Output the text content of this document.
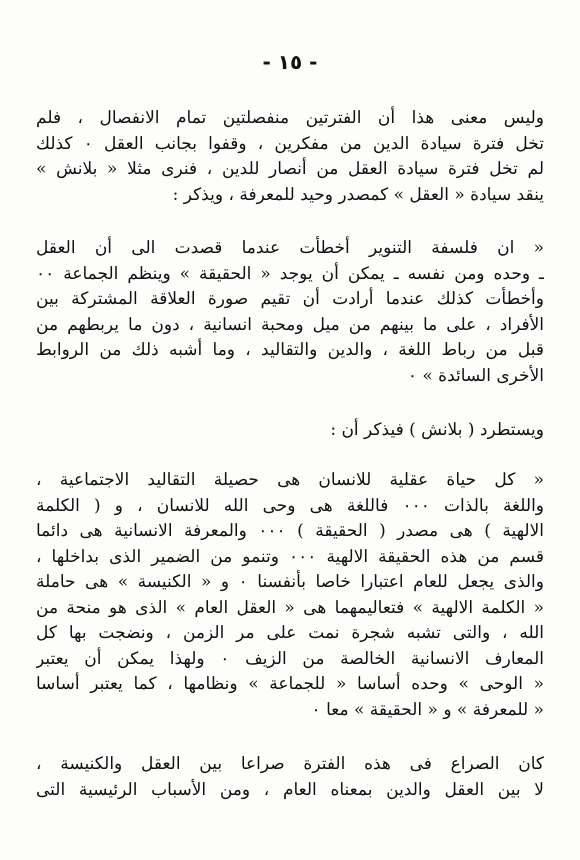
- ١٥ -
وليس معنى هذا أن الفترتين منفصلتين تمام الانفصال ، فلم
تخل فترة سيادة الدين من مفكرين ، وقفوا بجانب العقل ٠ كذلك
لم تخل فترة سيادة العقل من أنصار للدين ، فنرى مثلا « بلانش »
ينقد سيادة « العقل » كمصدر وحيد للمعرفة ، ويذكر :
« ان فلسفة التنوير أخطأت عندما قصدت الى أن العقل
ـ وحده ومن نفسه ـ يمكن أن يوجد « الحقيقة » وينظم الجماعة ٠٠
وأخطأت كذلك عندما أرادت أن تقيم صورة العلاقة المشتركة بين
الأفراد ، على ما بينهم من ميل ومحبة انسانية ، دون ما يربطهم من
قبل من رباط اللغة ، والدين والتقاليد ، وما أشبه ذلك من الروابط
الأخرى السائدة » ٠
ويستطرد ( بلانش ) فيذكر أن :
« كل حياة عقلية للانسان هى حصيلة التقاليد الاجتماعية ،
واللغة بالذات ٠٠٠ فاللغة هى وحى الله للانسان ، و ( الكلمة
الالهية ) هى مصدر ( الحقيقة ) ٠٠٠ والمعرفة الانسانية هى دائما
قسم من هذه الحقيقة الالهية ٠٠٠ وتنمو من الضمير الذى بداخلها ،
والذى يجعل للعام اعتبارا خاصا بأنفسنا ٠ و « الكنيسة » هى حاملة
« الكلمة الالهية » فتعاليمهما هى « العقل العام » الذى هو منحة من
الله ، والتى تشبه شجرة نمت على مر الزمن ، ونضجت بها كل
المعارف الانسانية الخالصة من الزيف ٠ ولهذا يمكن أن يعتبر
« الوحى » وحده أساسا « للجماعة » ونظامها ، كما يعتبر أساسا
« للمعرفة » و « الحقيقة » معا ٠
كان الصراع فى هذه الفترة صراعا بين العقل والكنيسة ،
لا بين العقل والدين بمعناه العام ، ومن الأسباب الرئيسية التى
